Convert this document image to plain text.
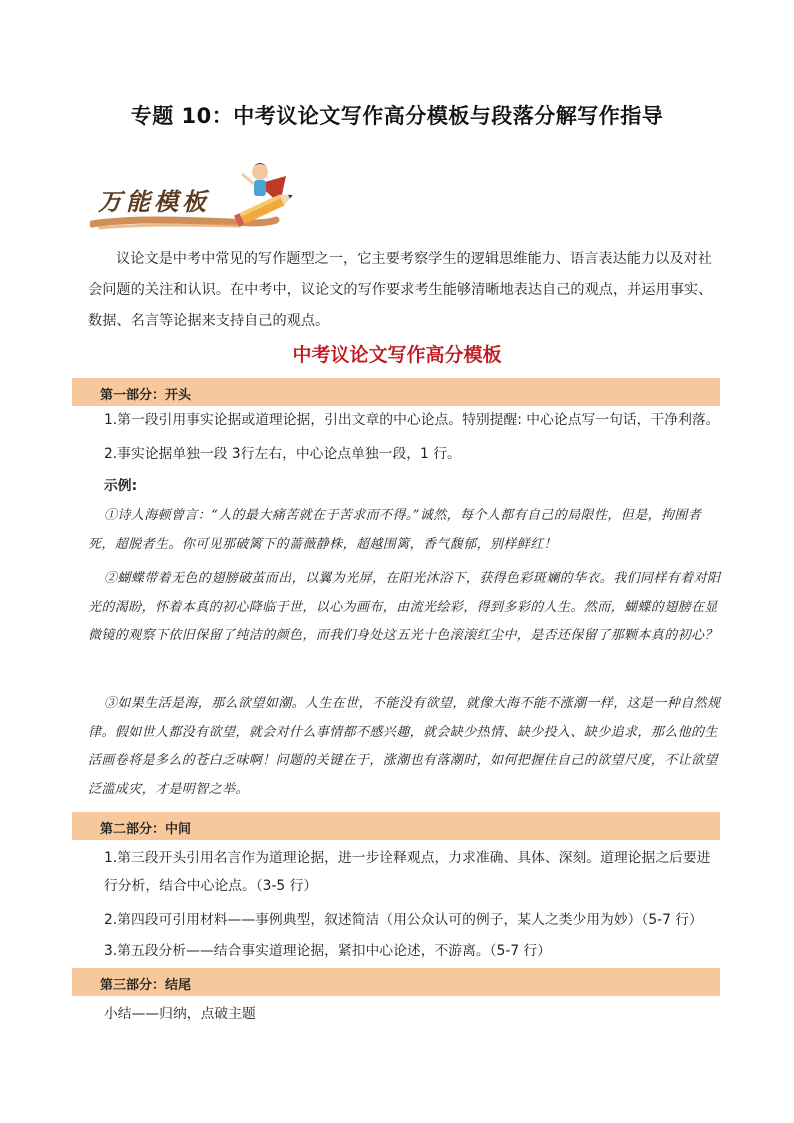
专题 10：中考议论文写作高分模板与段落分解写作指导
万能模板
议论文是中考中常见的写作题型之一，它主要考察学生的逻辑思维能力、语言表达能力以及对社会问题的关注和认识。在中考中，议论文的写作要求考生能够清晰地表达自己的观点，并运用事实、数据、名言等论据来支持自己的观点。
中考议论文写作高分模板
第一部分：开头
1.第一段引用事实论据或道理论据，引出文章的中心论点。特别提醒: 中心论点写一句话，干净利落。
2.事实论据单独一段 3行左右，中心论点单独一段，1 行。
示例:
①诗人海顿曾言：“人的最大痛苦就在于苦求而不得。”诚然，每个人都有自己的局限性，但是，拘囿者死，超脱者生。你可见那破篱下的蔷薇静株，超越围篱，香气馥郁，别样鲜红！
②蝴蝶带着无色的翅膀破茧而出，以翼为光屏，在阳光沐浴下，获得色彩斑斓的华衣。我们同样有着对阳光的渴盼，怀着本真的初心降临于世，以心为画布，由流光绘彩，得到多彩的人生。然而，蝴蝶的翅膀在显微镜的观察下依旧保留了纯洁的颜色，而我们身处这五光十色滚滚红尘中，是否还保留了那颗本真的初心？
③如果生活是海，那么欲望如潮。人生在世，不能没有欲望，就像大海不能不涨潮一样，这是一种自然规律。假如世人都没有欲望，就会对什么事情都不感兴趣，就会缺少热情、缺少投入、缺少追求，那么他的生活画卷将是多么的苍白乏味啊！问题的关键在于，涨潮也有落潮时，如何把握住自己的欲望尺度，不让欲望泛滥成灾，才是明智之举。
第二部分：中间
1.第三段开头引用名言作为道理论据，进一步诠释观点，力求准确、具体、深刻。道理论据之后要进行分析，结合中心论点。（3-5 行）
2.第四段可引用材料——事例典型，叙述简洁（用公众认可的例子，某人之类少用为妙）（5-7 行）
3.第五段分析——结合事实道理论据，紧扣中心论述，不游离。（5-7 行）
第三部分：结尾
小结——归纳，点破主题
